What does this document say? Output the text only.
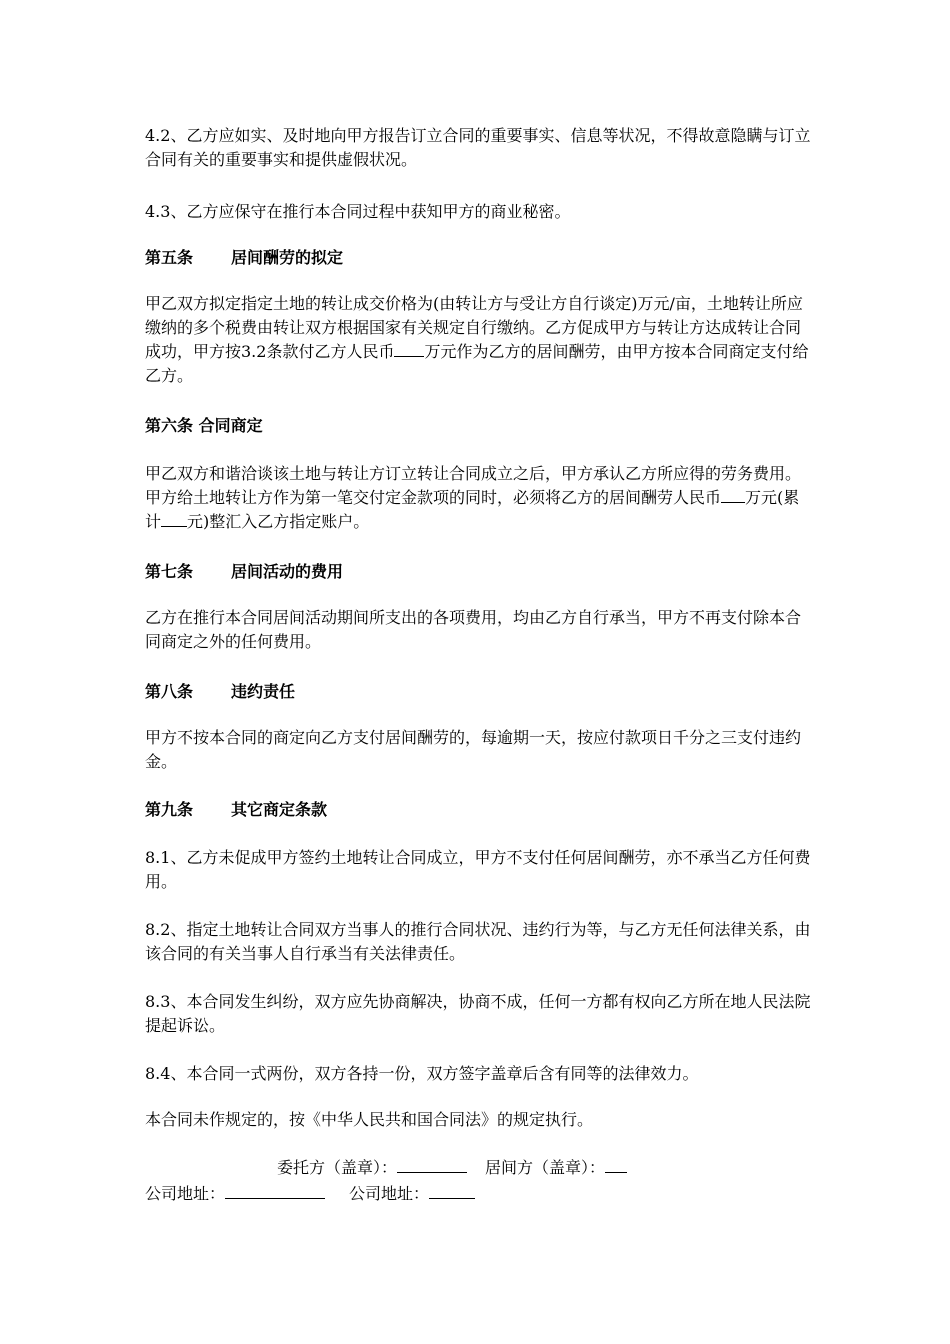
4.2、乙方应如实、及时地向甲方报告订立合同的重要事实、信息等状况，不得故意隐瞒与订立合同有关的重要事实和提供虚假状况。

4.3、乙方应保守在推行本合同过程中获知甲方的商业秘密。

第五条 居间酬劳的拟定

甲乙双方拟定指定土地的转让成交价格为(由转让方与受让方自行谈定)万元/亩，土地转让所应缴纳的多个税费由转让双方根据国家有关规定自行缴纳。乙方促成甲方与转让方达成转让合同成功，甲方按3.2条款付乙方人民币 万元作为乙方的居间酬劳，由甲方按本合同商定支付给乙方。

第六条 合同商定

甲乙双方和谐洽谈该土地与转让方订立转让合同成立之后，甲方承认乙方所应得的劳务费用。甲方给土地转让方作为第一笔交付定金款项的同时，必须将乙方的居间酬劳人民币 万元(累计 元)整汇入乙方指定账户。

第七条 居间活动的费用

乙方在推行本合同居间活动期间所支出的各项费用，均由乙方自行承当，甲方不再支付除本合同商定之外的任何费用。

第八条 违约责任

甲方不按本合同的商定向乙方支付居间酬劳的，每逾期一天，按应付款项日千分之三支付违约金。

第九条 其它商定条款

8.1、乙方未促成甲方签约土地转让合同成立，甲方不支付任何居间酬劳，亦不承当乙方任何费用。

8.2、指定土地转让合同双方当事人的推行合同状况、违约行为等，与乙方无任何法律关系，由该合同的有关当事人自行承当有关法律责任。

8.3、本合同发生纠纷，双方应先协商解决，协商不成，任何一方都有权向乙方所在地人民法院提起诉讼。

8.4、本合同一式两份，双方各持一份，双方签字盖章后含有同等的法律效力。

本合同未作规定的，按《中华人民共和国合同法》的规定执行。

委托方（盖章）：	居间方（盖章）：
公司地址：	公司地址：
